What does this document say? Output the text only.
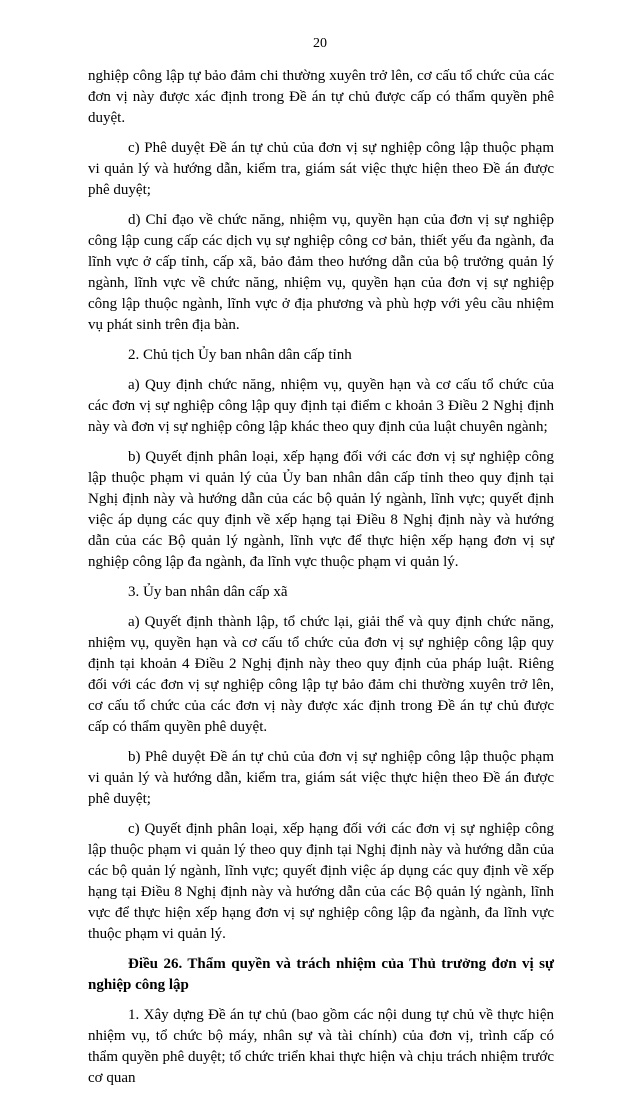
20

nghiệp công lập tự bảo đảm chi thường xuyên trở lên, cơ cấu tổ chức của các đơn vị này được xác định trong Đề án tự chủ được cấp có thẩm quyền phê duyệt.

c) Phê duyệt Đề án tự chủ của đơn vị sự nghiệp công lập thuộc phạm vi quản lý và hướng dẫn, kiểm tra, giám sát việc thực hiện theo Đề án được phê duyệt;

d) Chỉ đạo về chức năng, nhiệm vụ, quyền hạn của đơn vị sự nghiệp công lập cung cấp các dịch vụ sự nghiệp công cơ bản, thiết yếu đa ngành, đa lĩnh vực ở cấp tỉnh, cấp xã, bảo đảm theo hướng dẫn của bộ trưởng quản lý ngành, lĩnh vực về chức năng, nhiệm vụ, quyền hạn của đơn vị sự nghiệp công lập thuộc ngành, lĩnh vực ở địa phương và phù hợp với yêu cầu nhiệm vụ phát sinh trên địa bàn.

2. Chủ tịch Ủy ban nhân dân cấp tỉnh

a) Quy định chức năng, nhiệm vụ, quyền hạn và cơ cấu tổ chức của các đơn vị sự nghiệp công lập quy định tại điểm c khoản 3 Điều 2 Nghị định này và đơn vị sự nghiệp công lập khác theo quy định của luật chuyên ngành;

b) Quyết định phân loại, xếp hạng đối với các đơn vị sự nghiệp công lập thuộc phạm vi quản lý của Ủy ban nhân dân cấp tỉnh theo quy định tại Nghị định này và hướng dẫn của các bộ quản lý ngành, lĩnh vực; quyết định việc áp dụng các quy định về xếp hạng tại Điều 8 Nghị định này và hướng dẫn của các Bộ quản lý ngành, lĩnh vực để thực hiện xếp hạng đơn vị sự nghiệp công lập đa ngành, đa lĩnh vực thuộc phạm vi quản lý.

3. Ủy ban nhân dân cấp xã

a) Quyết định thành lập, tổ chức lại, giải thể và quy định chức năng, nhiệm vụ, quyền hạn và cơ cấu tổ chức của đơn vị sự nghiệp công lập quy định tại khoản 4 Điều 2 Nghị định này theo quy định của pháp luật. Riêng đối với các đơn vị sự nghiệp công lập tự bảo đảm chi thường xuyên trở lên, cơ cấu tổ chức của các đơn vị này được xác định trong Đề án tự chủ được cấp có thẩm quyền phê duyệt.

b) Phê duyệt Đề án tự chủ của đơn vị sự nghiệp công lập thuộc phạm vi quản lý và hướng dẫn, kiểm tra, giám sát việc thực hiện theo Đề án được phê duyệt;

c) Quyết định phân loại, xếp hạng đối với các đơn vị sự nghiệp công lập thuộc phạm vi quản lý theo quy định tại Nghị định này và hướng dẫn của các bộ quản lý ngành, lĩnh vực; quyết định việc áp dụng các quy định về xếp hạng tại Điều 8 Nghị định này và hướng dẫn của các Bộ quản lý ngành, lĩnh vực để thực hiện xếp hạng đơn vị sự nghiệp công lập đa ngành, đa lĩnh vực thuộc phạm vi quản lý.

Điều 26. Thẩm quyền và trách nhiệm của Thủ trưởng đơn vị sự nghiệp công lập

1. Xây dựng Đề án tự chủ (bao gồm các nội dung tự chủ về thực hiện nhiệm vụ, tổ chức bộ máy, nhân sự và tài chính) của đơn vị, trình cấp có thẩm quyền phê duyệt; tổ chức triển khai thực hiện và chịu trách nhiệm trước cơ quan
